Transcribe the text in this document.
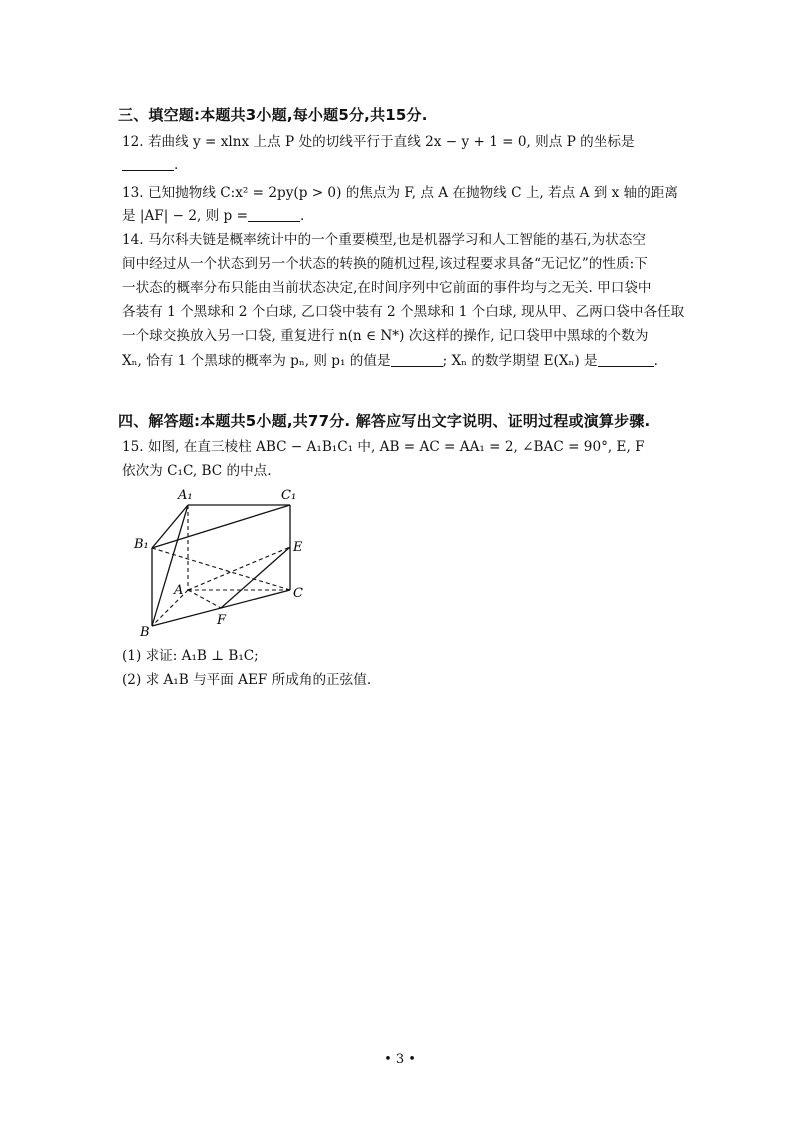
三、填空题:本题共3小题,每小题5分,共15分.
12. 若曲线 y = xlnx 上点 P 处的切线平行于直线 2x − y + 1 = 0, 则点 P 的坐标是
.
13. 已知抛物线 C:x² = 2py(p > 0) 的焦点为 F, 点 A 在抛物线 C 上, 若点 A 到 x 轴的距离
是 |AF| − 2, 则 p =	.
14. 马尔科夫链是概率统计中的一个重要模型,也是机器学习和人工智能的基石,为状态空
间中经过从一个状态到另一个状态的转换的随机过程,该过程要求具备“无记忆”的性质:下
一状态的概率分布只能由当前状态决定,在时间序列中它前面的事件均与之无关. 甲口袋中
各装有 1 个黑球和 2 个白球, 乙口袋中装有 2 个黑球和 1 个白球, 现从甲、乙两口袋中各任取
一个球交换放入另一口袋, 重复进行 n(n ∈ N*) 次这样的操作, 记口袋甲中黑球的个数为
Xₙ, 恰有 1 个黑球的概率为 pₙ, 则 p₁ 的值是	; Xₙ 的数学期望 E(Xₙ) 是	.
四、解答题:本题共5小题,共77分. 解答应写出文字说明、证明过程或演算步骤.
15. 如图, 在直三棱柱 ABC − A₁B₁C₁ 中, AB = AC = AA₁ = 2, ∠BAC = 90°, E, F
依次为 C₁C, BC 的中点.
A₁	C₁
B₁	E
A	C
F
B
(1) 求证: A₁B ⊥ B₁C;
(2) 求 A₁B 与平面 AEF 所成角的正弦值.
• 3 •
